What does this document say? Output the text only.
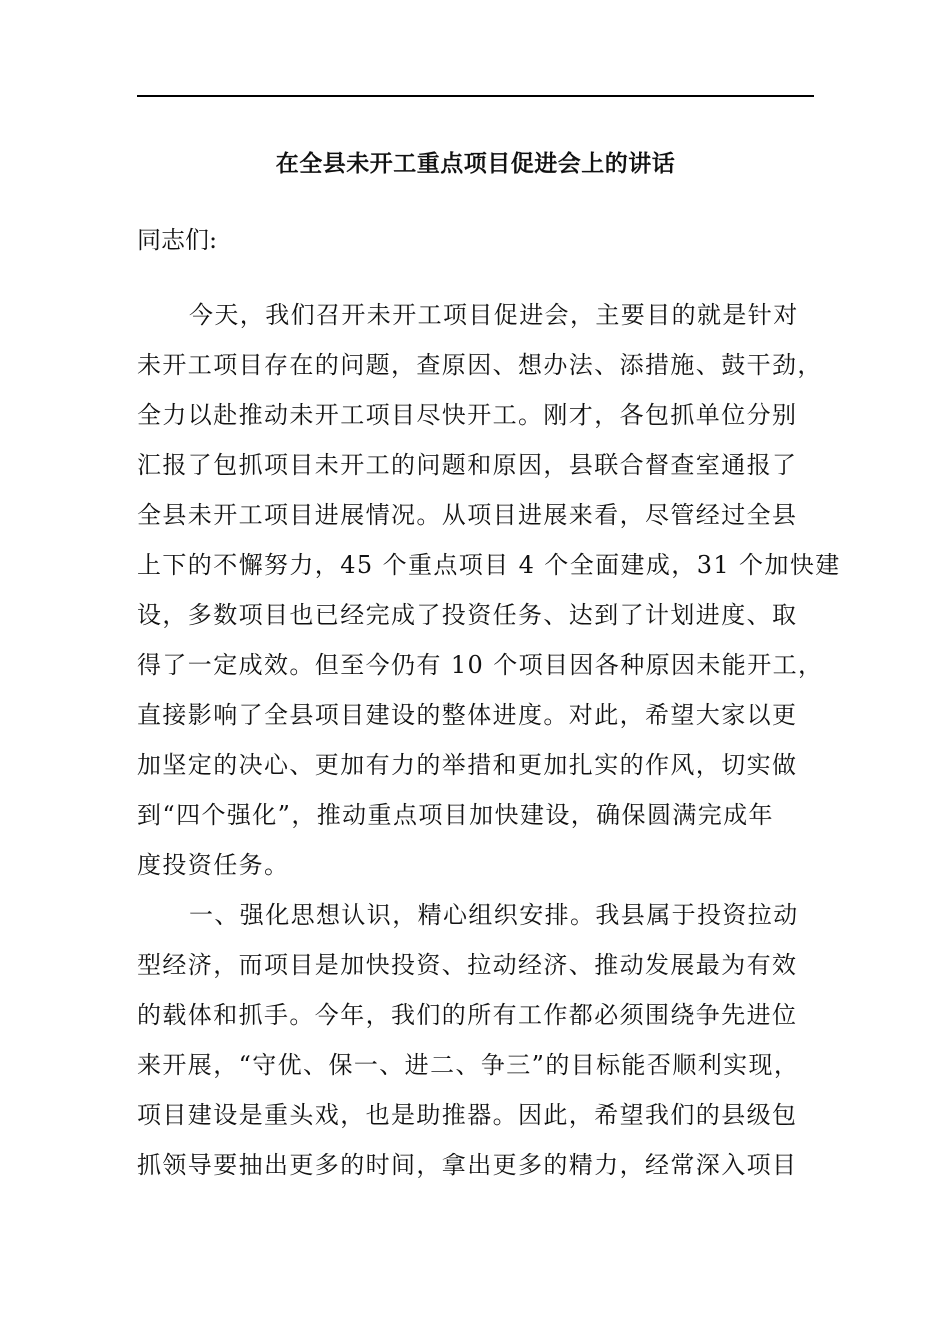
在全县未开工重点项目促进会上的讲话

同志们:

今天，我们召开未开工项目促进会，主要目的就是针对

未开工项目存在的问题，查原因、想办法、添措施、鼓干劲，

全力以赴推动未开工项目尽快开工。刚才，各包抓单位分别

汇报了包抓项目未开工的问题和原因，县联合督查室通报了

全县未开工项目进展情况。从项目进展来看，尽管经过全县

上下的不懈努力，45 个重点项目 4 个全面建成，31 个加快建

设，多数项目也已经完成了投资任务、达到了计划进度、取

得了一定成效。但至今仍有 10 个项目因各种原因未能开工，

直接影响了全县项目建设的整体进度。对此，希望大家以更

加坚定的决心、更加有力的举措和更加扎实的作风，切实做

到“四个强化”，推动重点项目加快建设，确保圆满完成年

度投资任务。

一、强化思想认识，精心组织安排。我县属于投资拉动

型经济，而项目是加快投资、拉动经济、推动发展最为有效

的载体和抓手。今年，我们的所有工作都必须围绕争先进位

来开展，“守优、保一、进二、争三”的目标能否顺利实现，

项目建设是重头戏，也是助推器。因此，希望我们的县级包

抓领导要抽出更多的时间，拿出更多的精力，经常深入项目
